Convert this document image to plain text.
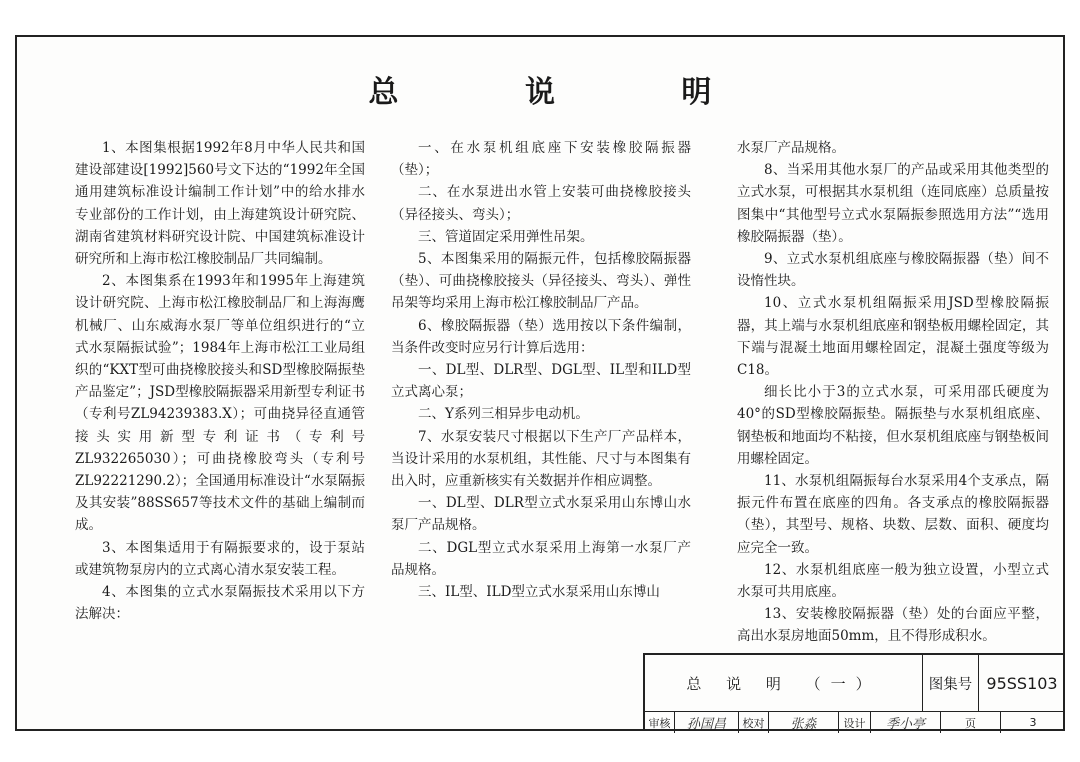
总 说 明

1、本图集根据1992年8月中华人民共和国建设部建设[1992]560号文下达的“1992年全国通用建筑标准设计编制工作计划”中的给水排水专业部份的工作计划，由上海建筑设计研究院、湖南省建筑材料研究设计院、中国建筑标准设计研究所和上海市松江橡胶制品厂共同编制。

2、本图集系在1993年和1995年上海建筑设计研究院、上海市松江橡胶制品厂和上海海鹰机械厂、山东威海水泵厂等单位组织进行的“立式水泵隔振试验”；1984年上海市松江工业局组织的“KXT型可曲挠橡胶接头和SD型橡胶隔振垫产品鉴定”；JSD型橡胶隔振器采用新型专利证书（专利号ZL94239383.X）；可曲挠异径直通管接头实用新型专利证书（专利号ZL932265030）；可曲挠橡胶弯头（专利号ZL92221290.2）；全国通用标准设计“水泵隔振及其安装”88SS657等技术文件的基础上编制而成。

3、本图集适用于有隔振要求的，设于泵站或建筑物泵房内的立式离心清水泵安装工程。

4、本图集的立式水泵隔振技术采用以下方法解决：

一、在水泵机组底座下安装橡胶隔振器（垫）；

二、在水泵进出水管上安装可曲挠橡胶接头（异径接头、弯头）；

三、管道固定采用弹性吊架。

5、本图集采用的隔振元件，包括橡胶隔振器（垫）、可曲挠橡胶接头（异径接头、弯头）、弹性吊架等均采用上海市松江橡胶制品厂产品。

6、橡胶隔振器（垫）选用按以下条件编制，当条件改变时应另行计算后选用：

一、DL型、DLR型、DGL型、IL型和ILD型立式离心泵；

二、Y系列三相异步电动机。

7、水泵安装尺寸根据以下生产厂产品样本，当设计采用的水泵机组，其性能、尺寸与本图集有出入时，应重新核实有关数据并作相应调整。

一、DL型、DLR型立式水泵采用山东博山水泵厂产品规格。

二、DGL型立式水泵采用上海第一水泵厂产品规格。

三、IL型、ILD型立式水泵采用山东博山

水泵厂产品规格。

8、当采用其他水泵厂的产品或采用其他类型的立式水泵，可根据其水泵机组（连同底座）总质量按图集中“其他型号立式水泵隔振参照选用方法”“选用橡胶隔振器（垫）。

9、立式水泵机组底座与橡胶隔振器（垫）间不设惰性块。

10、立式水泵机组隔振采用JSD型橡胶隔振器，其上端与水泵机组底座和钢垫板用螺栓固定，其下端与混凝土地面用螺栓固定，混凝土强度等级为C18。

细长比小于3的立式水泵，可采用邵氏硬度为40°的SD型橡胶隔振垫。隔振垫与水泵机组底座、钢垫板和地面均不粘接，但水泵机组底座与钢垫板间用螺栓固定。

11、水泵机组隔振每台水泵采用4个支承点，隔振元件布置在底座的四角。各支承点的橡胶隔振器（垫），其型号、规格、块数、层数、面积、硬度均应完全一致。

12、水泵机组底座一般为独立设置，小型立式水泵可共用底座。

13、安装橡胶隔振器（垫）处的台面应平整，高出水泵房地面50mm，且不得形成积水。

总 说 明 （一）	图集号 95SS103
审核	孙国昌	校对	张淼	设计	季小亭	页	3
